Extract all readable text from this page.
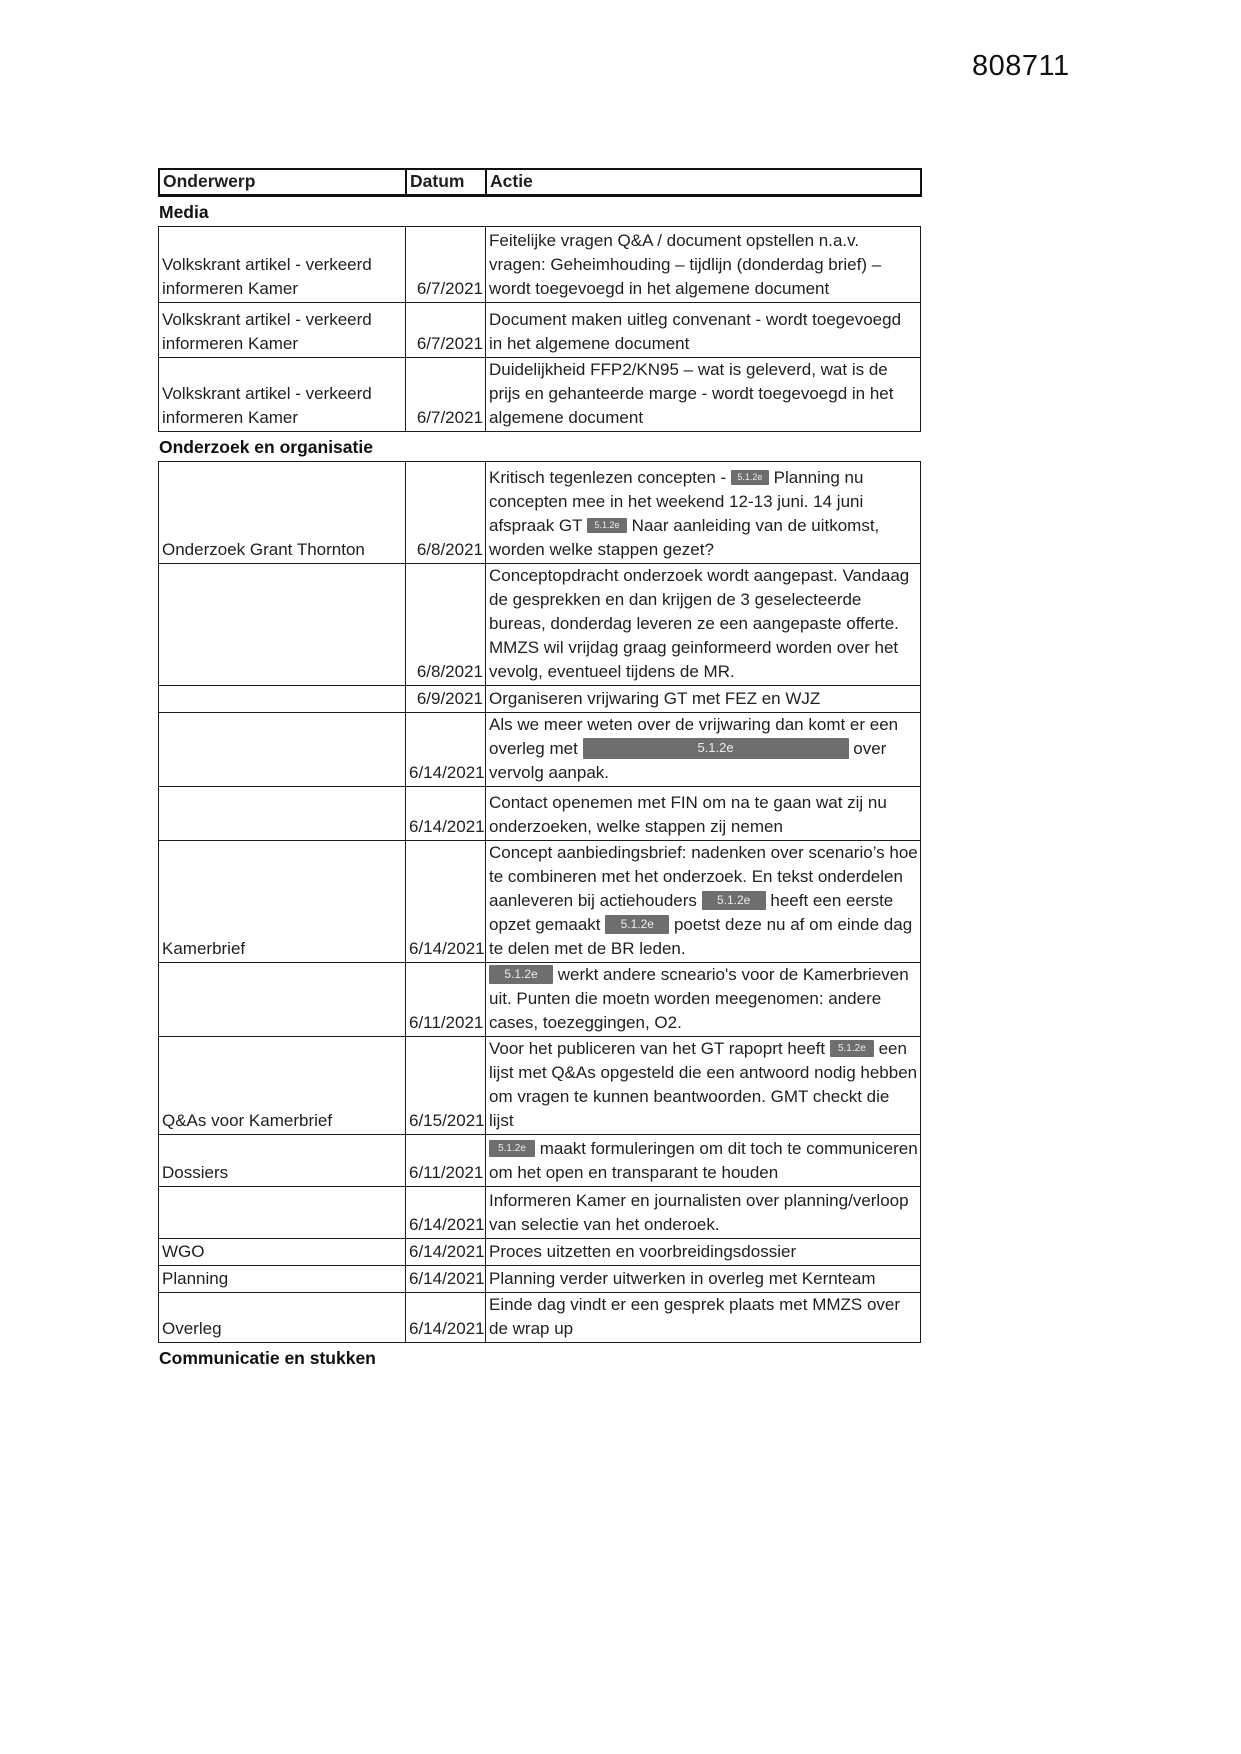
808711
Onderwerp	Datum	Actie
Media
Volkskrant artikel - verkeerd informeren Kamer	6/7/2021	Feitelijke vragen Q&A / document opstellen n.a.v. vragen: Geheimhouding – tijdlijn (donderdag brief) – wordt toegevoegd in het algemene document
Volkskrant artikel - verkeerd informeren Kamer	6/7/2021	Document maken uitleg convenant - wordt toegevoegd in het algemene document
Volkskrant artikel - verkeerd informeren Kamer	6/7/2021	Duidelijkheid FFP2/KN95 – wat is geleverd, wat is de prijs en gehanteerde marge - wordt toegevoegd in het algemene document
Onderzoek en organisatie
Onderzoek Grant Thornton	6/8/2021	Kritisch tegenlezen concepten - 5.1.2e Planning nu concepten mee in het weekend 12-13 juni. 14 juni afspraak GT 5.1.2e Naar aanleiding van de uitkomst, worden welke stappen gezet?
	6/8/2021	Conceptopdracht onderzoek wordt aangepast. Vandaag de gesprekken en dan krijgen de 3 geselecteerde bureas, donderdag leveren ze een aangepaste offerte. MMZS wil vrijdag graag geinformeerd worden over het vevolg, eventueel tijdens de MR.
	6/9/2021	Organiseren vrijwaring GT met FEZ en WJZ
	6/14/2021	Als we meer weten over de vrijwaring dan komt er een overleg met 5.1.2e over vervolg aanpak.
	6/14/2021	Contact openemen met FIN om na te gaan wat zij nu onderzoeken, welke stappen zij nemen
Kamerbrief	6/14/2021	Concept aanbiedingsbrief: nadenken over scenario’s hoe te combineren met het onderzoek. En tekst onderdelen aanleveren bij actiehouders 5.1.2e heeft een eerste opzet gemaakt 5.1.2e poetst deze nu af om einde dag te delen met de BR leden.
	6/11/2021	5.1.2e werkt andere scneario's voor de Kamerbrieven uit. Punten die moetn worden meegenomen: andere cases, toezeggingen, O2.
Q&As voor Kamerbrief	6/15/2021	Voor het publiceren van het GT rapoprt heeft 5.1.2e een lijst met Q&As opgesteld die een antwoord nodig hebben om vragen te kunnen beantwoorden. GMT checkt die lijst
Dossiers	6/11/2021	5.1.2e maakt formuleringen om dit toch te communiceren om het open en transparant te houden
	6/14/2021	Informeren Kamer en journalisten over planning/verloop van selectie van het onderoek.
WGO	6/14/2021	Proces uitzetten en voorbreidingsdossier
Planning	6/14/2021	Planning verder uitwerken in overleg met Kernteam
Overleg	6/14/2021	Einde dag vindt er een gesprek plaats met MMZS over de wrap up
Communicatie en stukken
